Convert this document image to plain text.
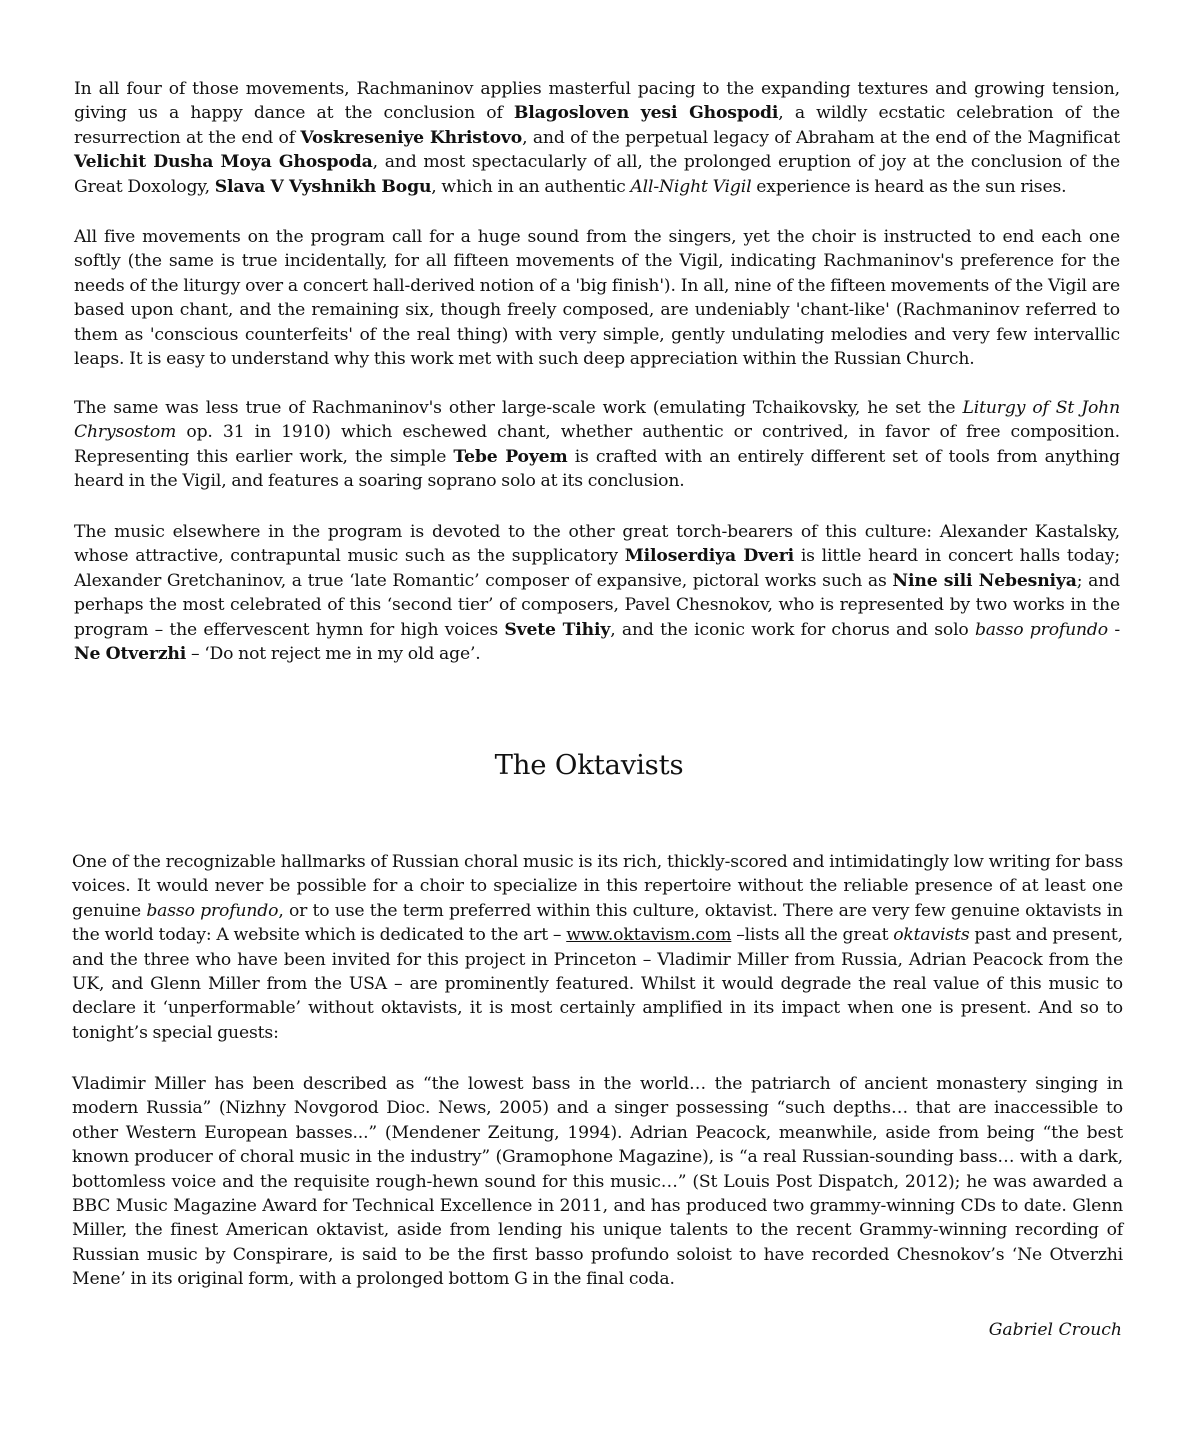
In all four of those movements, Rachmaninov applies masterful pacing to the expanding textures and growing tension, giving us a happy dance at the conclusion of Blagosloven yesi Ghospodi, a wildly ecstatic celebration of the resurrection at the end of Voskreseniye Khristovo, and of the perpetual legacy of Abraham at the end of the Magnificat Velichit Dusha Moya Ghospoda, and most spectacularly of all, the prolonged eruption of joy at the conclusion of the Great Doxology, Slava V Vyshnikh Bogu, which in an authentic All-Night Vigil experience is heard as the sun rises.

All five movements on the program call for a huge sound from the singers, yet the choir is instructed to end each one softly (the same is true incidentally, for all fifteen movements of the Vigil, indicating Rachmaninov's preference for the needs of the liturgy over a concert hall-derived notion of a 'big finish'). In all, nine of the fifteen movements of the Vigil are based upon chant, and the remaining six, though freely composed, are undeniably 'chant-like' (Rachmaninov referred to them as 'conscious counterfeits' of the real thing) with very simple, gently undulating melodies and very few intervallic leaps. It is easy to understand why this work met with such deep appreciation within the Russian Church.

The same was less true of Rachmaninov's other large-scale work (emulating Tchaikovsky, he set the Liturgy of St John Chrysostom op. 31 in 1910) which eschewed chant, whether authentic or contrived, in favor of free composition. Representing this earlier work, the simple Tebe Poyem is crafted with an entirely different set of tools from anything heard in the Vigil, and features a soaring soprano solo at its conclusion.

The music elsewhere in the program is devoted to the other great torch-bearers of this culture: Alexander Kastalsky, whose attractive, contrapuntal music such as the supplicatory Miloserdiya Dveri is little heard in concert halls today; Alexander Gretchaninov, a true ‘late Romantic’ composer of expansive, pictoral works such as Nine sili Nebesniya; and perhaps the most celebrated of this ‘second tier’ of composers, Pavel Chesnokov, who is represented by two works in the program – the effervescent hymn for high voices Svete Tihiy, and the iconic work for chorus and solo basso profundo - Ne Otverzhi – ‘Do not reject me in my old age’.

The Oktavists

One of the recognizable hallmarks of Russian choral music is its rich, thickly-scored and intimidatingly low writing for bass voices. It would never be possible for a choir to specialize in this repertoire without the reliable presence of at least one genuine basso profundo, or to use the term preferred within this culture, oktavist. There are very few genuine oktavists in the world today: A website which is dedicated to the art – www.oktavism.com –lists all the great oktavists past and present, and the three who have been invited for this project in Princeton – Vladimir Miller from Russia, Adrian Peacock from the UK, and Glenn Miller from the USA – are prominently featured. Whilst it would degrade the real value of this music to declare it ‘unperformable’ without oktavists, it is most certainly amplified in its impact when one is present. And so to tonight’s special guests:

Vladimir Miller has been described as “the lowest bass in the world… the patriarch of ancient monastery singing in modern Russia” (Nizhny Novgorod Dioc. News, 2005) and a singer possessing “such depths… that are inaccessible to other Western European basses...” (Mendener Zeitung, 1994). Adrian Peacock, meanwhile, aside from being “the best known producer of choral music in the industry” (Gramophone Magazine), is “a real Russian-sounding bass… with a dark, bottomless voice and the requisite rough-hewn sound for this music…” (St Louis Post Dispatch, 2012); he was awarded a BBC Music Magazine Award for Technical Excellence in 2011, and has produced two grammy-winning CDs to date. Glenn Miller, the finest American oktavist, aside from lending his unique talents to the recent Grammy-winning recording of Russian music by Conspirare, is said to be the first basso profundo soloist to have recorded Chesnokov’s ‘Ne Otverzhi Mene’ in its original form, with a prolonged bottom G in the final coda.

Gabriel Crouch
